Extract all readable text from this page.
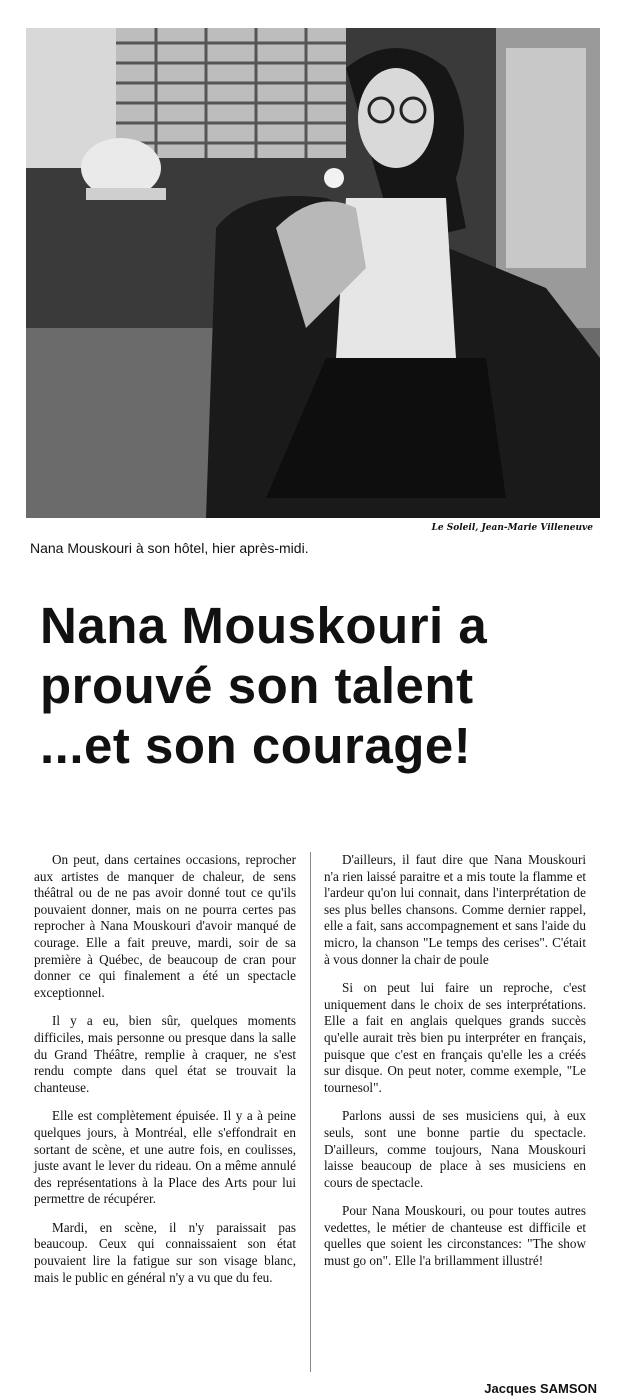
Le Soleil, Jean-Marie Villeneuve
Nana Mouskouri à son hôtel, hier après-midi.
Nana Mouskouri a
prouvé son talent
...et son courage!

On peut, dans certaines occasions, reprocher aux artistes de manquer de chaleur, de sens théâtral ou de ne pas avoir donné tout ce qu'ils pouvaient donner, mais on ne pourra certes pas reprocher à Nana Mouskouri d'avoir manqué de courage. Elle a fait preuve, mardi, soir de sa première à Québec, de beaucoup de cran pour donner ce qui finalement a été un spectacle exceptionnel.

Il y a eu, bien sûr, quelques moments difficiles, mais personne ou presque dans la salle du Grand Théâtre, remplie à craquer, ne s'est rendu compte dans quel état se trouvait la chanteuse.

Elle est complètement épuisée. Il y a à peine quelques jours, à Montréal, elle s'effondrait en sortant de scène, et une autre fois, en coulisses, juste avant le lever du rideau. On a même annulé des représentations à la Place des Arts pour lui permettre de récupérer.

Mardi, en scène, il n'y paraissait pas beaucoup. Ceux qui connaissaient son état pouvaient lire la fatigue sur son visage blanc, mais le public en général n'y a vu que du feu.

D'ailleurs, il faut dire que Nana Mouskouri n'a rien laissé paraitre et a mis toute la flamme et l'ardeur qu'on lui connait, dans l'interprétation de ses plus belles chansons. Comme dernier rappel, elle a fait, sans accompagnement et sans l'aide du micro, la chanson "Le temps des cerises". C'était à vous donner la chair de poule

Si on peut lui faire un reproche, c'est uniquement dans le choix de ses interprétations. Elle a fait en anglais quelques grands succès qu'elle aurait très bien pu interpréter en français, puisque que c'est en français qu'elle les a créés sur disque. On peut noter, comme exemple, "Le tournesol".

Parlons aussi de ses musiciens qui, à eux seuls, sont une bonne partie du spectacle. D'ailleurs, comme toujours, Nana Mouskouri laisse beaucoup de place à ses musiciens en cours de spectacle.

Pour Nana Mouskouri, ou pour toutes autres vedettes, le métier de chanteuse est difficile et quelles que soient les circonstances: "The show must go on". Elle l'a brillamment illustré!

Jacques SAMSON
